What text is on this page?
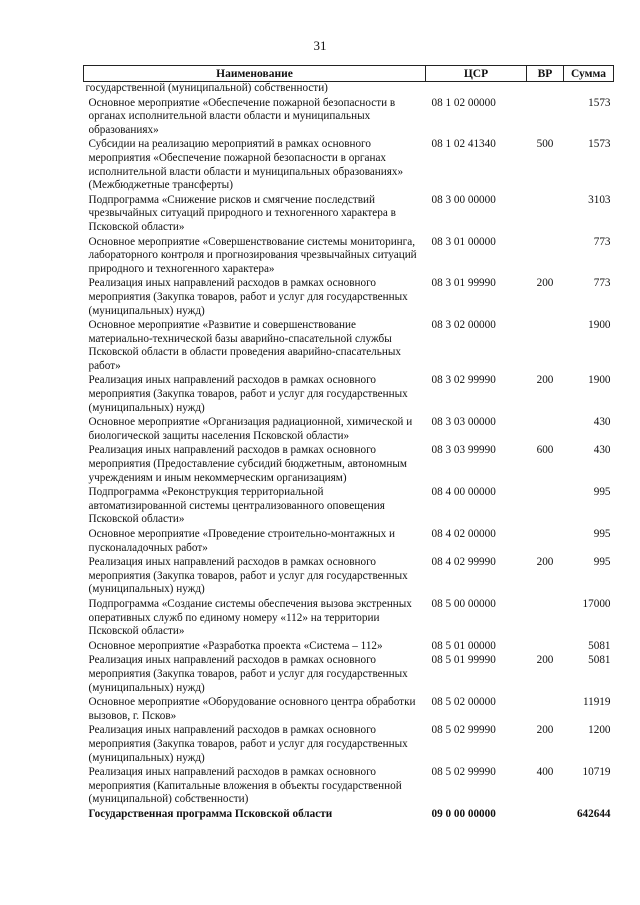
31
Наименование	ЦСР	ВР	Сумма
государственной (муниципальной) собственности)			
Основное мероприятие «Обеспечение пожарной безопасности в органах исполнительной власти области и муниципальных образованиях»	08 1 02 00000		1573
Субсидии на реализацию мероприятий в рамках основного мероприятия «Обеспечение пожарной безопасности в органах исполнительной власти области и муниципальных образованиях» (Межбюджетные трансферты)	08 1 02 41340	500	1573
Подпрограмма «Снижение рисков и смягчение последствий чрезвычайных ситуаций природного и техногенного характера в Псковской области»	08 3 00 00000		3103
Основное мероприятие «Совершенствование системы мониторинга, лабораторного контроля и прогнозирования чрезвычайных ситуаций природного и техногенного характера»	08 3 01 00000		773
Реализация иных направлений расходов в рамках основного мероприятия (Закупка товаров, работ и услуг для государственных (муниципальных) нужд)	08 3 01 99990	200	773
Основное мероприятие «Развитие и совершенствование материально-технической базы аварийно-спасательной службы Псковской области в области проведения аварийно-спасательных работ»	08 3 02 00000		1900
Реализация иных направлений расходов в рамках основного мероприятия (Закупка товаров, работ и услуг для государственных (муниципальных) нужд)	08 3 02 99990	200	1900
Основное мероприятие «Организация радиационной, химической и биологической защиты населения Псковской области»	08 3 03 00000		430
Реализация иных направлений расходов в рамках основного мероприятия (Предоставление субсидий бюджетным, автономным учреждениям и иным некоммерческим организациям)	08 3 03 99990	600	430
Подпрограмма «Реконструкция территориальной автоматизированной системы централизованного оповещения Псковской области»	08 4 00 00000		995
Основное мероприятие «Проведение строительно-монтажных и пусконаладочных работ»	08 4 02 00000		995
Реализация иных направлений расходов в рамках основного мероприятия (Закупка товаров, работ и услуг для государственных (муниципальных) нужд)	08 4 02 99990	200	995
Подпрограмма «Создание системы обеспечения вызова экстренных оперативных служб по единому номеру «112» на территории Псковской области»	08 5 00 00000		17000
Основное мероприятие «Разработка проекта «Система – 112»	08 5 01 00000		5081
Реализация иных направлений расходов в рамках основного мероприятия (Закупка товаров, работ и услуг для государственных (муниципальных) нужд)	08 5 01 99990	200	5081
Основное мероприятие «Оборудование основного центра обработки вызовов, г. Псков»	08 5 02 00000		11919
Реализация иных направлений расходов в рамках основного мероприятия (Закупка товаров, работ и услуг для государственных (муниципальных) нужд)	08 5 02 99990	200	1200
Реализация иных направлений расходов в рамках основного мероприятия (Капитальные вложения в объекты государственной (муниципальной) собственности)	08 5 02 99990	400	10719
Государственная программа Псковской области	09 0 00 00000		642644
